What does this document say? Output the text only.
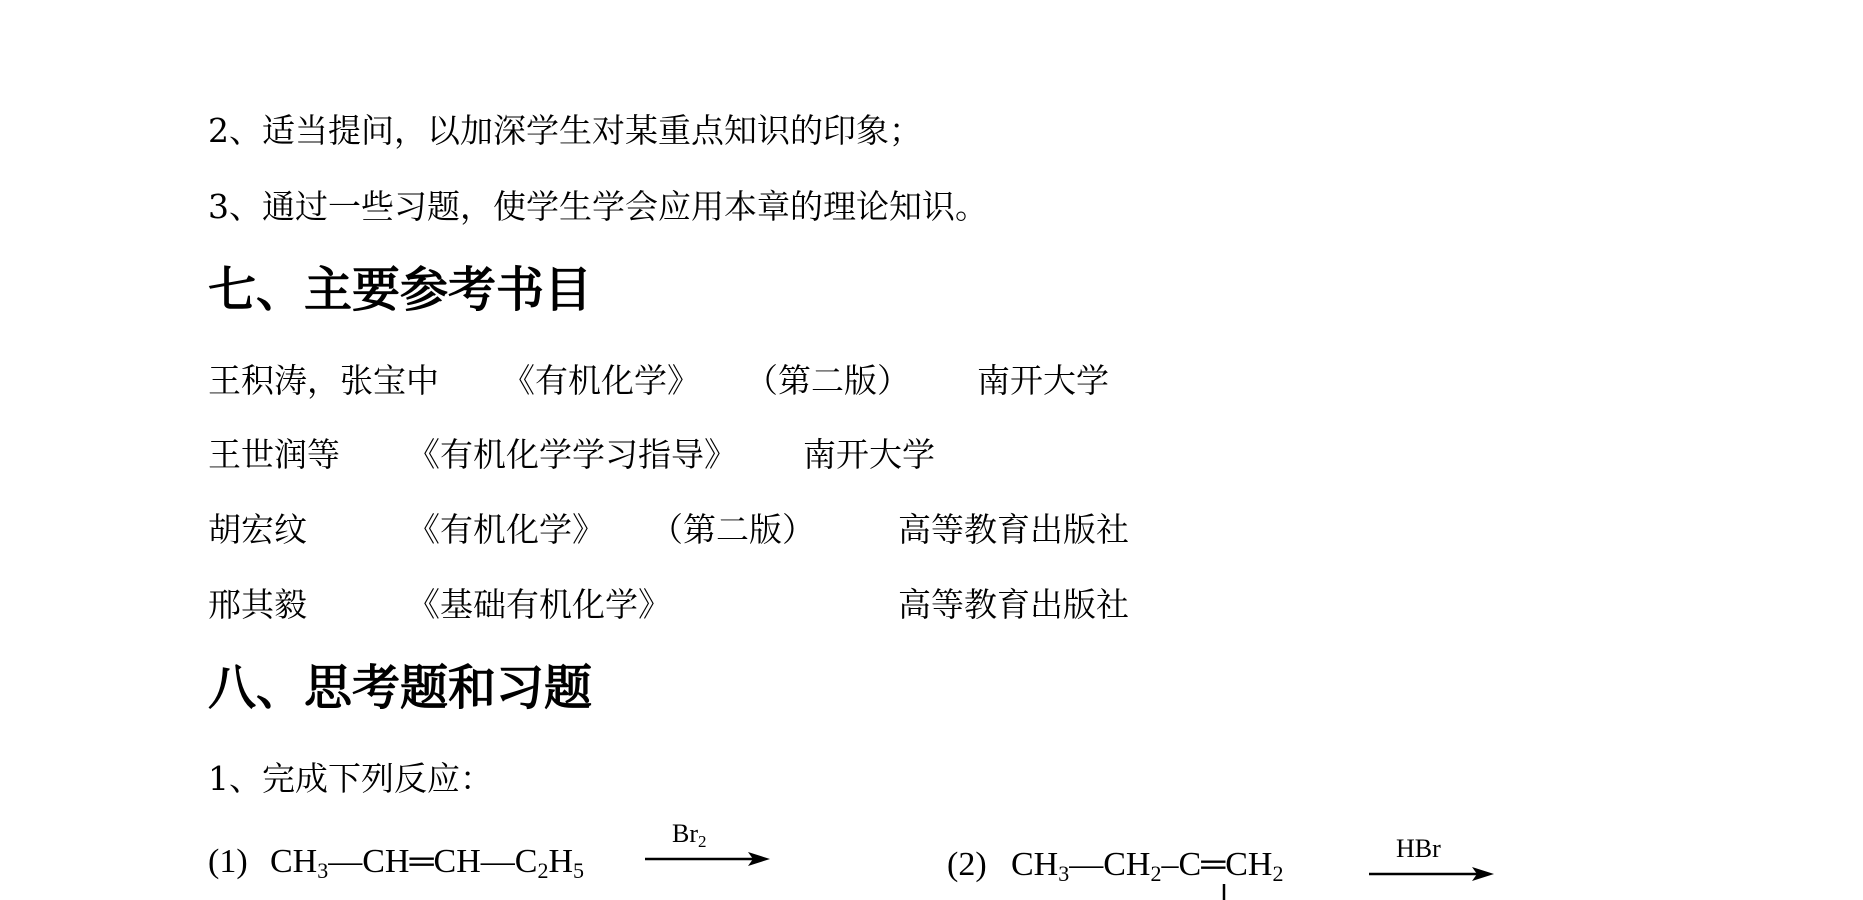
2、适当提问，以加深学生对某重点知识的印象；
3、通过一些习题，使学生学会应用本章的理论知识。
七、主要参考书目
王积涛，张宝中 《有机化学》 （第二版） 南开大学
王世润等 《有机化学学习指导》 南开大学
胡宏纹	《有机化学》 （第二版）	高等教育出版社
邢其毅	《基础有机化学》	高等教育出版社
八、思考题和习题
1、完成下列反应：
(1) $CH_3—CH═CH—C_2H_5$
$Br_2$
(2) $CH_3—CH_2-C═CH_2$
HBr
